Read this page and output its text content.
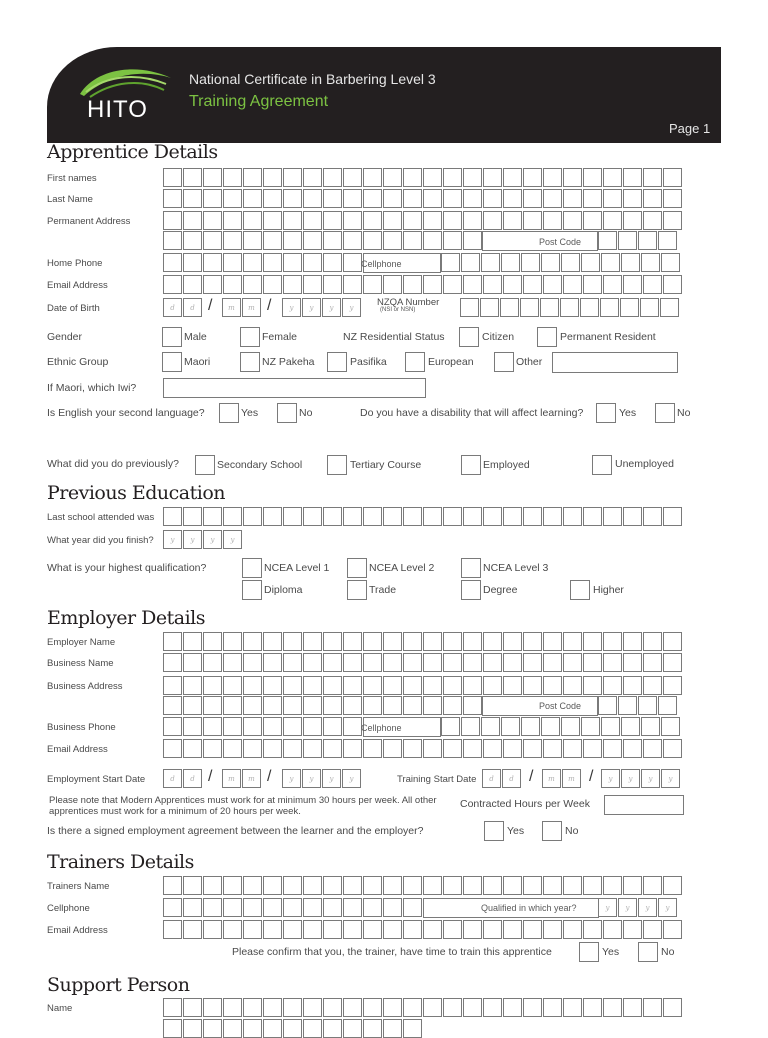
HITO
National Certificate in Barbering Level 3
Training Agreement
Page 1
Apprentice Details
First names
Last Name
Permanent Address
Post Code
Home Phone	Cellphone
Email Address
Date of Birth	d	d /	m	m /	y	y	y	y	NZQA Number
(NSI or NSN)
Gender	Male	Female	NZ Residential Status	Citizen	Permanent Resident
Ethnic Group	Maori	NZ Pakeha	Pasifika	European	Other
If Maori, which Iwi?
Is English your second language?	Yes	No	Do you have a disability that will affect learning?	Yes	No
What did you do previously?	Secondary School	Tertiary Course	Employed	Unemployed
Previous Education
Last school attended was
What year did you finish?	y	y	y	y
What is your highest qualification?	NCEA Level 1	NCEA Level 2	NCEA Level 3
Diploma	Trade	Degree	Higher
Employer Details
Employer Name
Business Name
Business Address
Post Code
Business Phone	Cellphone
Email Address
Employment Start Date	d	d /	m	m /	y	y	y	y	Training Start Date	d	d /	m	m /	y	y	y	y
Please note that Modern Apprentices must work for at minimum 30 hours per week. All other apprentices must work for a minimum of 20 hours per week.
Contracted Hours per Week
Is there a signed employment agreement between the learner and the employer?	Yes	No
Trainers Details
Trainers Name
Cellphone	Qualified in which year?	y	y	y	y
Email Address
Please confirm that you, the trainer, have time to train this apprentice	Yes	No
Support Person
Name
